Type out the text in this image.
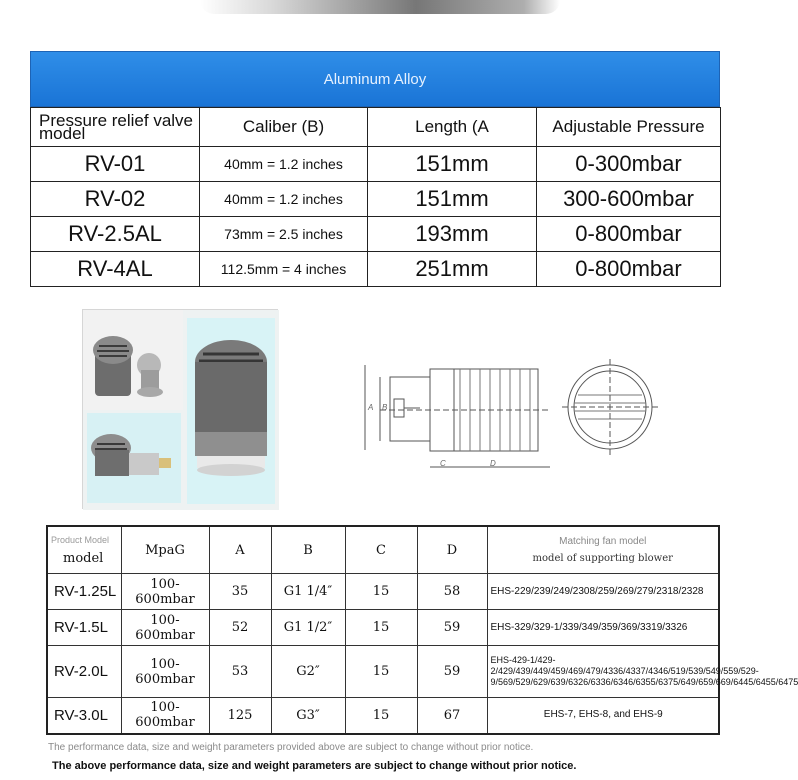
Aluminum Alloy
Pressure relief valve model	Caliber (B)	Length (A	Adjustable Pressure
RV-01	40mm = 1.2 inches	151mm	0-300mbar
RV-02	40mm = 1.2 inches	151mm	300-600mbar
RV-2.5AL	73mm = 2.5 inches	193mm	0-800mbar
RV-4AL	112.5mm = 4 inches	251mm	0-800mbar
A B
C	D
Product Model
model	MpaG	A	B	C	D	Matching fan model
model of supporting blower

RV-1.25L	100-600mbar	35	G1 1/4″	15	58	EHS-229/239/249/2308/259/269/279/2318/2328
RV-1.5L	100-600mbar	52	G1 1/2″	15	59	EHS-329/329-1/339/349/359/369/3319/3326
RV-2.0L	100-600mbar	53	G2″	15	59	EHS-429-1/429-2/429/439/449/459/469/479/4336/4337/4346/519/539/549/559/529-9/569/529/629/639/6326/6336/6346/6355/6375/649/659/669/6445/6455/6475
RV-3.0L	100-600mbar	125	G3″	15	67	EHS-7, EHS-8, and EHS-9
The performance data, size and weight parameters provided above are subject to change without prior notice.
The above performance data, size and weight parameters are subject to change without prior notice.
